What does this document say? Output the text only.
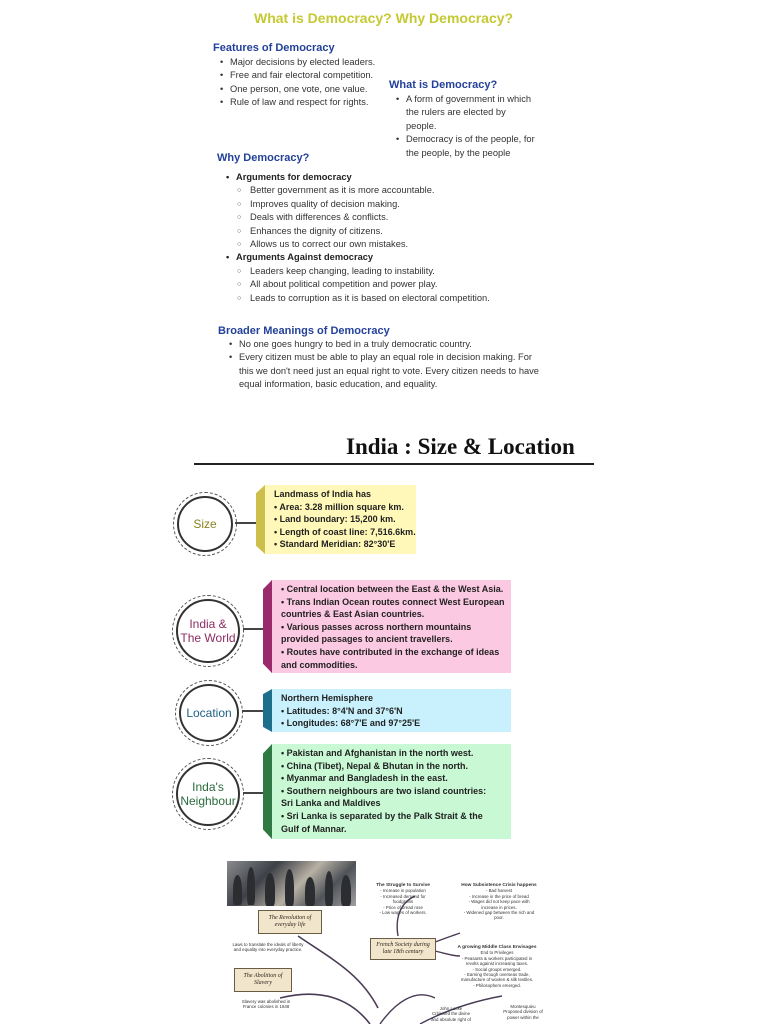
What is Democracy? Why Democracy?
Features of Democracy
• Major decisions by elected leaders.
• Free and fair electoral competition.
• One person, one vote, one value.
• Rule of law and respect for rights.
What is Democracy?
• A form of government in which
the rulers are elected by
people.
• Democracy is of the people, for
the people, by the people
Why Democracy?
• Arguments for democracy
○ Better government as it is more accountable.
○ Improves quality of decision making.
○ Deals with differences & conflicts.
○ Enhances the dignity of citizens.
○ Allows us to correct our own mistakes.
• Arguments Against democracy
○ Leaders keep changing, leading to instability.
○ All about political competition and power play.
○ Leads to corruption as it is based on electoral competition.
Broader Meanings of Democracy
• No one goes hungry to bed in a truly democratic country.
• Every citizen must be able to play an equal role in decision making. For
this we don't need just an equal right to vote. Every citizen needs to have
equal information, basic education, and equality.
India : Size & Location
Size
Landmass of India has
• Area: 3.28 million square km.
• Land boundary: 15,200 km.
• Length of coast line: 7,516.6km.
• Standard Meridian: 82°30'E
India &
The World
• Central location between the East & the West Asia.
• Trans Indian Ocean routes connect West European
countries & East Asian countries.
• Various passes across northern mountains
provided passages to ancient travellers.
• Routes have contributed in the exchange of ideas
and commodities.
Location
Northern Hemisphere
• Latitudes: 8°4'N and 37°6'N
• Longitudes: 68°7'E and 97°25'E
Inda's
Neighbour
• Pakistan and Afghanistan in the north west.
• China (Tibet), Nepal & Bhutan in the north.
• Myanmar and Bangladesh in the east.
• Southern neighbours are two island countries:
Sri Lanka and Maldives
• Sri Lanka is separated by the Palk Strait & the
Gulf of Mannar.
The Revolution of
everyday life
Laws to translate the ideals of liberty
and equality into everyday practice.
The Abolition of
Slavery
Slavery was abolished in
France colonies in 1848
French Society during
late 18th century
The Struggle to Survive
- Increase in population
- Increased demand for foodgrains
- Price of bread rose
- Low wages of workers.
How Subsistence Crisis happens
- Bad harvest
- Increase in the price of bread
- Wages did not keep pace with
increase in prices.
- Widened gap between the rich and
poor.
A growing Middle Class Envisages
End to Privileges
- Peasants & workers participated in
revolts against increasing taxes.
- Social groups emerged.
- Earning through overseas trade,
manufacture of woolen & silk textiles.
- Philosophers emerged.
John Locke
Criticised the divine
and absolute right of
Montesquieu
Proposed division of
power within the
